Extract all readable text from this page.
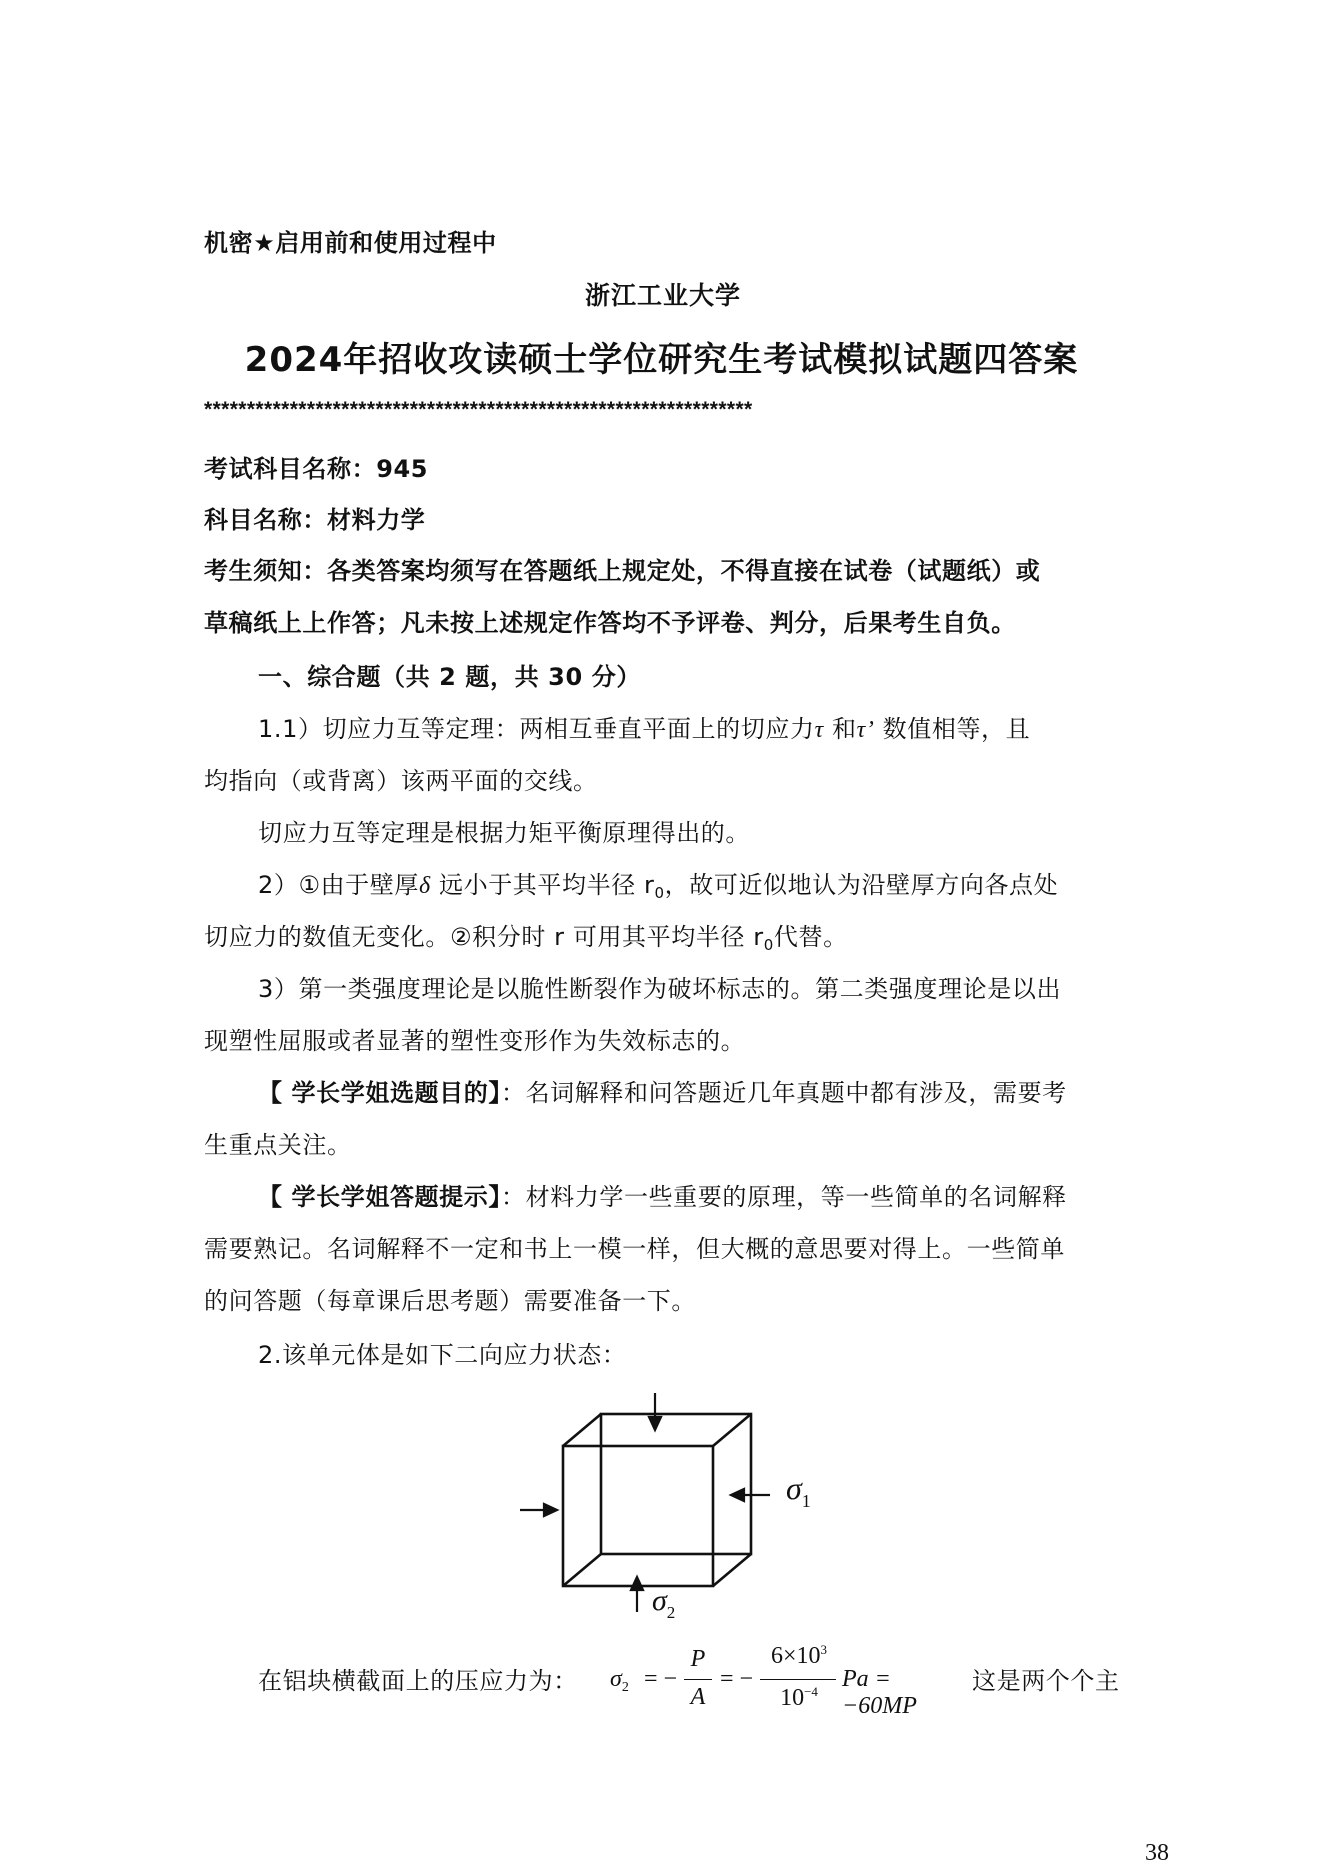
机密★启用前和使用过程中
浙江工业大学
2024年招收攻读硕士学位研究生考试模拟试题四答案
****************************************************************
考试科目名称：945
科目名称：材料力学
考生须知：各类答案均须写在答题纸上规定处，不得直接在试卷（试题纸）或
草稿纸上上作答；凡未按上述规定作答均不予评卷、判分，后果考生自负。
一、综合题（共 2 题，共 30 分）
1.1）切应力互等定理：两相互垂直平面上的切应力τ 和τ’ 数值相等，且
均指向（或背离）该两平面的交线。
切应力互等定理是根据力矩平衡原理得出的。
2）①由于壁厚δ 远小于其平均半径 $r_0$，故可近似地认为沿壁厚方向各点处
切应力的数值无变化。②积分时 r 可用其平均半径 $r_0$代替。
3）第一类强度理论是以脆性断裂作为破坏标志的。第二类强度理论是以出
现塑性屈服或者显著的塑性变形作为失效标志的。
【 学长学姐选题目的】：名词解释和问答题近几年真题中都有涉及，需要考
生重点关注。
【 学长学姐答题提示】：材料力学一些重要的原理，等一些简单的名词解释
需要熟记。名词解释不一定和书上一模一样，但大概的意思要对得上。一些简单
的问答题（每章课后思考题）需要准备一下。
2.该单元体是如下二向应力状态：
$\sigma_1$
$\sigma_2$
在铝块横截面上的压应力为： $\sigma_2$ = −
P
A
= −
$6\times 10^3$
$10^{-4}$	Pa = −60MP
这是两个个主
38
